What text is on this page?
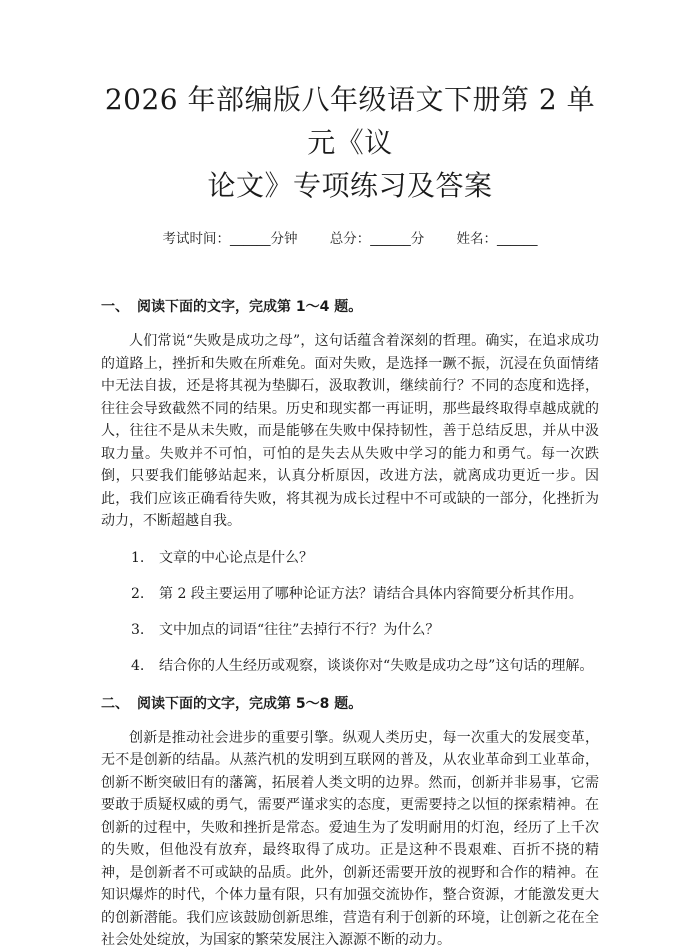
2026 年部编版八年级语文下册第 2 单元《议
论文》专项练习及答案

考试时间：______分钟 总分：______分 姓名：______

一、 阅读下面的文字，完成第 1～4 题。

人们常说“失败是成功之母”，这句话蕴含着深刻的哲理。确实，在追求成功的道路上，挫折和失败在所难免。面对失败，是选择一蹶不振，沉浸在负面情绪中无法自拔，还是将其视为垫脚石，汲取教训，继续前行？不同的态度和选择，往往会导致截然不同的结果。历史和现实都一再证明，那些最终取得卓越成就的人，往往不是从未失败，而是能够在失败中保持韧性，善于总结反思，并从中汲取力量。失败并不可怕，可怕的是失去从失败中学习的能力和勇气。每一次跌倒，只要我们能够站起来，认真分析原因，改进方法，就离成功更近一步。因此，我们应该正确看待失败，将其视为成长过程中不可或缺的一部分，化挫折为动力，不断超越自我。

1.	文章的中心论点是什么？
2.	第 2 段主要运用了哪种论证方法？请结合具体内容简要分析其作用。
3.	文中加点的词语“往往”去掉行不行？为什么？
4.	结合你的人生经历或观察，谈谈你对“失败是成功之母”这句话的理解。

二、 阅读下面的文字，完成第 5～8 题。

创新是推动社会进步的重要引擎。纵观人类历史，每一次重大的发展变革，无不是创新的结晶。从蒸汽机的发明到互联网的普及，从农业革命到工业革命，创新不断突破旧有的藩篱，拓展着人类文明的边界。然而，创新并非易事，它需要敢于质疑权威的勇气，需要严谨求实的态度，更需要持之以恒的探索精神。在创新的过程中，失败和挫折是常态。爱迪生为了发明耐用的灯泡，经历了上千次的失败，但他没有放弃，最终取得了成功。正是这种不畏艰难、百折不挠的精神，是创新者不可或缺的品质。此外，创新还需要开放的视野和合作的精神。在知识爆炸的时代，个体力量有限，只有加强交流协作，整合资源，才能激发更大的创新潜能。我们应该鼓励创新思维，营造有利于创新的环境，让创新之花在全社会处处绽放，为国家的繁荣发展注入源源不断的动力。
